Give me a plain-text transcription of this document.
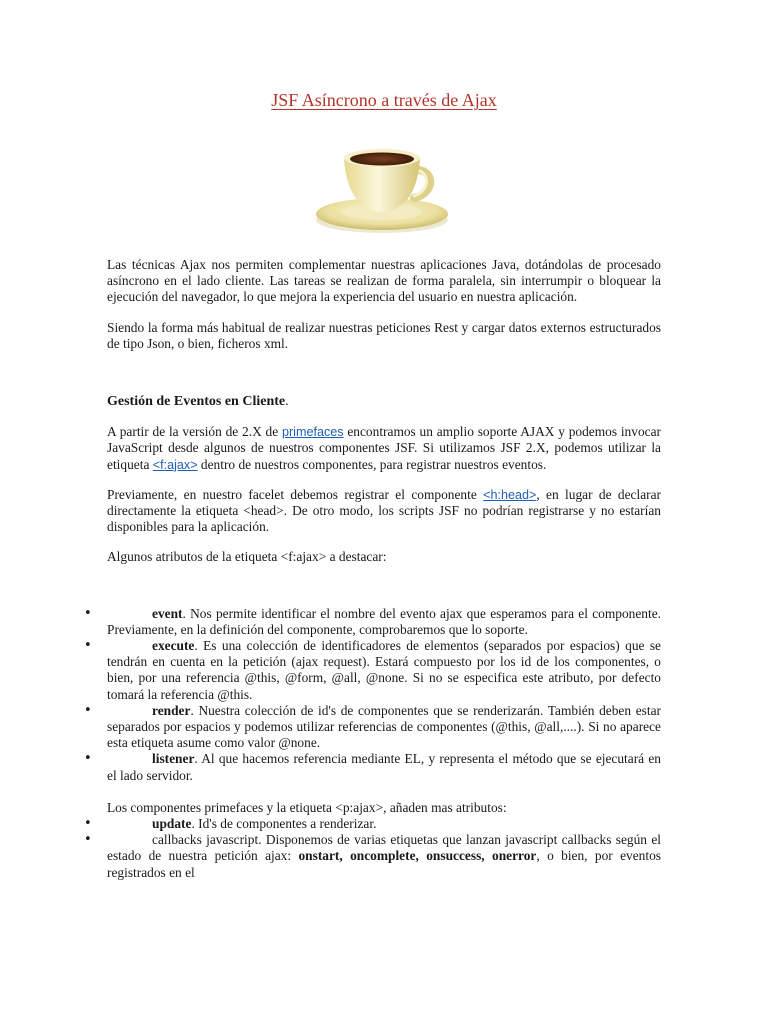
JSF Asíncrono a través de Ajax

Las técnicas Ajax nos permiten complementar nuestras aplicaciones Java, dotándolas de procesado asíncrono en el lado cliente. Las tareas se realizan de forma paralela, sin interrumpir o bloquear la ejecución del navegador, lo que mejora la experiencia del usuario en nuestra aplicación.

Siendo la forma más habitual de realizar nuestras peticiones Rest y cargar datos externos estructurados de tipo Json, o bien, ficheros xml.

Gestión de Eventos en Cliente.

A partir de la versión de 2.X de primefaces encontramos un amplio soporte AJAX y podemos invocar JavaScript desde algunos de nuestros componentes JSF. Si utilizamos JSF 2.X, podemos utilizar la etiqueta <f:ajax> dentro de nuestros componentes, para registrar nuestros eventos.

Previamente, en nuestro facelet debemos registrar el componente <h:head>, en lugar de declarar directamente la etiqueta <head>. De otro modo, los scripts JSF no podrían registrarse y no estarían disponibles para la aplicación.

Algunos atributos de la etiqueta <f:ajax> a destacar:

•	event. Nos permite identificar el nombre del evento ajax que esperamos para el componente. Previamente, en la definición del componente, comprobaremos que lo soporte.
•	execute. Es una colección de identificadores de elementos (separados por espacios) que se tendrán en cuenta en la petición (ajax request). Estará compuesto por los id de los componentes, o bien, por una referencia @this, @form, @all, @none. Si no se especifica este atributo, por defecto tomará la referencia @this.
•	render. Nuestra colección de id's de componentes que se renderizarán. También deben estar separados por espacios y podemos utilizar referencias de componentes (@this, @all,....). Si no aparece esta etiqueta asume como valor @none.
•	listener. Al que hacemos referencia mediante EL, y representa el método que se ejecutará en el lado servidor.

Los componentes primefaces y la etiqueta <p:ajax>, añaden mas atributos:

•	update. Id's de componentes a renderizar.
•	callbacks javascript. Disponemos de varias etiquetas que lanzan javascript callbacks según el estado de nuestra petición ajax: onstart, oncomplete, onsuccess, onerror, o bien, por eventos registrados en el
